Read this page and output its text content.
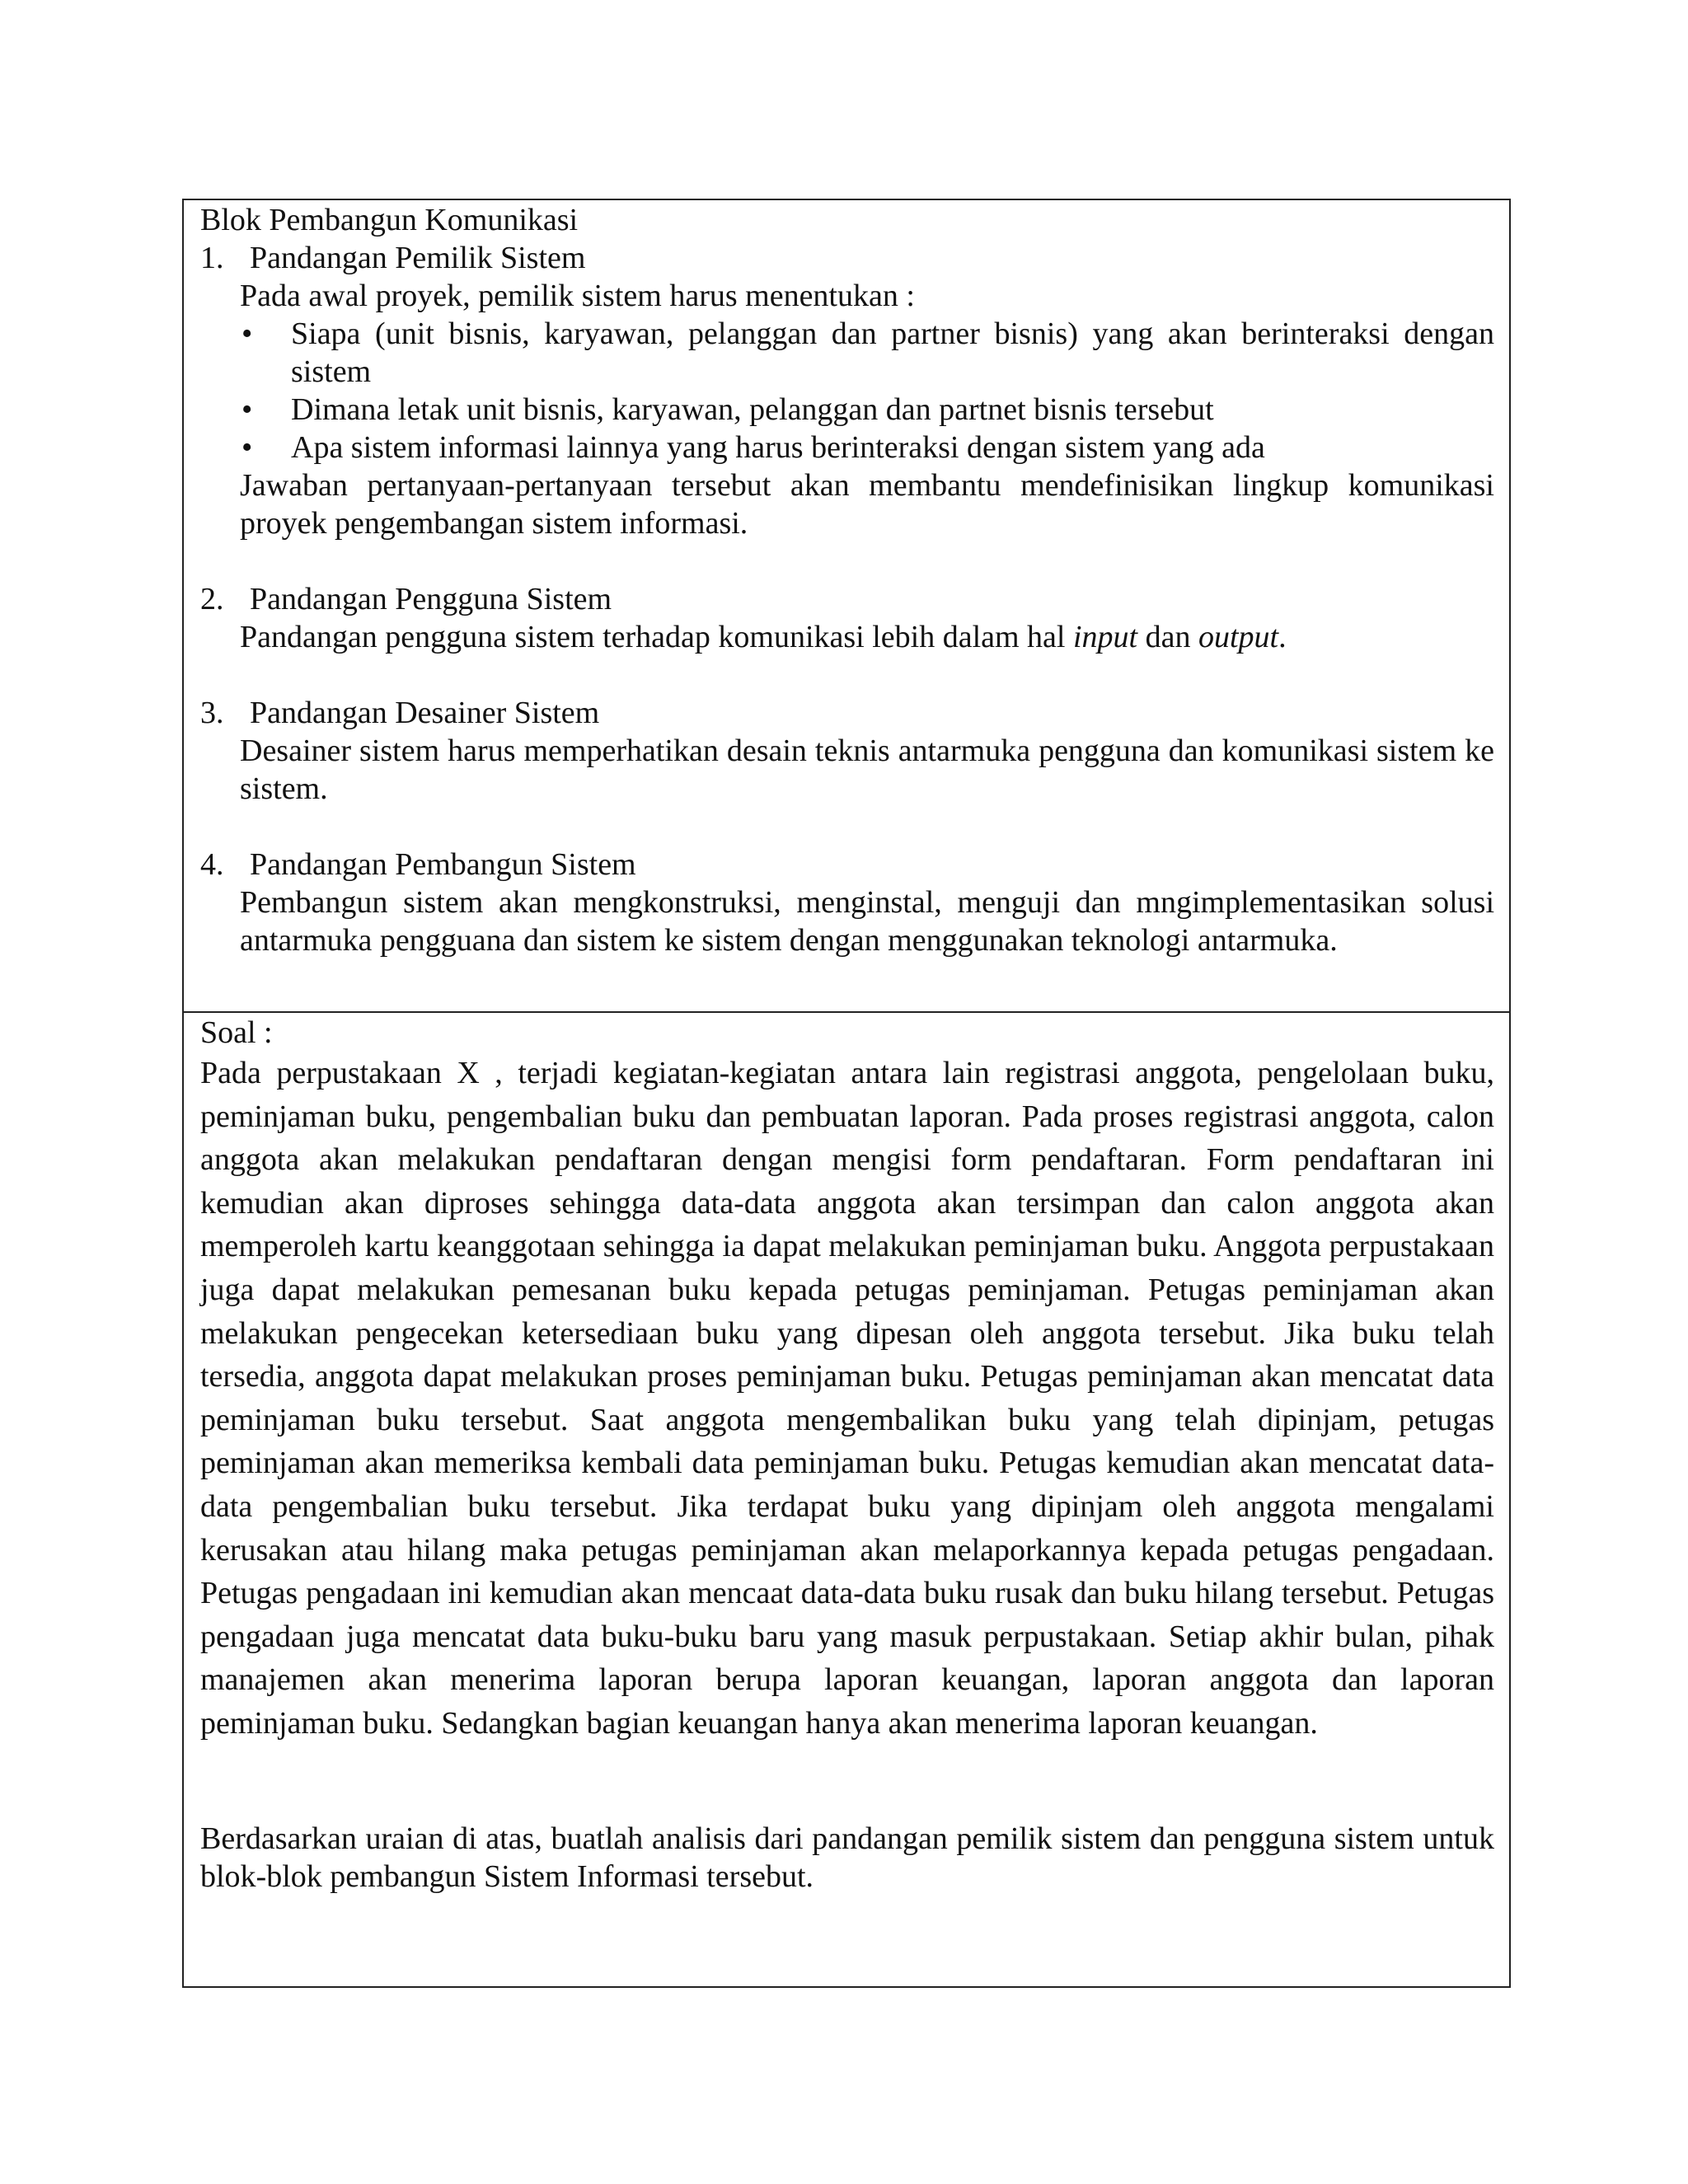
Blok Pembangun Komunikasi
1. Pandangan Pemilik Sistem
Pada awal proyek, pemilik sistem harus menentukan :
•	Siapa (unit bisnis, karyawan, pelanggan dan partner bisnis) yang akan berinteraksi dengan sistem
•	Dimana letak unit bisnis, karyawan, pelanggan dan partnet bisnis tersebut
•	Apa sistem informasi lainnya yang harus berinteraksi dengan sistem yang ada
Jawaban pertanyaan-pertanyaan tersebut akan membantu mendefinisikan lingkup komunikasi proyek pengembangan sistem informasi.
2. Pandangan Pengguna Sistem
Pandangan pengguna sistem terhadap komunikasi lebih dalam hal input dan output.
3. Pandangan Desainer Sistem
Desainer sistem harus memperhatikan desain teknis antarmuka pengguna dan komunikasi sistem ke sistem.
4. Pandangan Pembangun Sistem
Pembangun sistem akan mengkonstruksi, menginstal, menguji dan mngimplementasikan solusi antarmuka pengguana dan sistem ke sistem dengan menggunakan teknologi antarmuka.
Soal :

Pada perpustakaan X , terjadi kegiatan-kegiatan antara lain registrasi anggota, pengelolaan buku, peminjaman buku, pengembalian buku dan pembuatan laporan. Pada proses registrasi anggota, calon anggota akan melakukan pendaftaran dengan mengisi form pendaftaran. Form pendaftaran ini kemudian akan diproses sehingga data-data anggota akan tersimpan dan calon anggota akan memperoleh kartu keanggotaan sehingga ia dapat melakukan peminjaman buku. Anggota perpustakaan juga dapat melakukan pemesanan buku kepada petugas peminjaman. Petugas peminjaman akan melakukan pengecekan ketersediaan buku yang dipesan oleh anggota tersebut. Jika buku telah tersedia, anggota dapat melakukan proses peminjaman buku. Petugas peminjaman akan mencatat data peminjaman buku tersebut. Saat anggota mengembalikan buku yang telah dipinjam, petugas peminjaman akan memeriksa kembali data peminjaman buku. Petugas kemudian akan mencatat data-data pengembalian buku tersebut. Jika terdapat buku yang dipinjam oleh anggota mengalami kerusakan atau hilang maka petugas peminjaman akan melaporkannya kepada petugas pengadaan. Petugas pengadaan ini kemudian akan mencaat data-data buku rusak dan buku hilang tersebut. Petugas pengadaan juga mencatat data buku-buku baru yang masuk perpustakaan. Setiap akhir bulan, pihak manajemen akan menerima laporan berupa laporan keuangan, laporan anggota dan laporan peminjaman buku. Sedangkan bagian keuangan hanya akan menerima laporan keuangan.

Berdasarkan uraian di atas, buatlah analisis dari pandangan pemilik sistem dan pengguna sistem untuk blok-blok pembangun Sistem Informasi tersebut.
